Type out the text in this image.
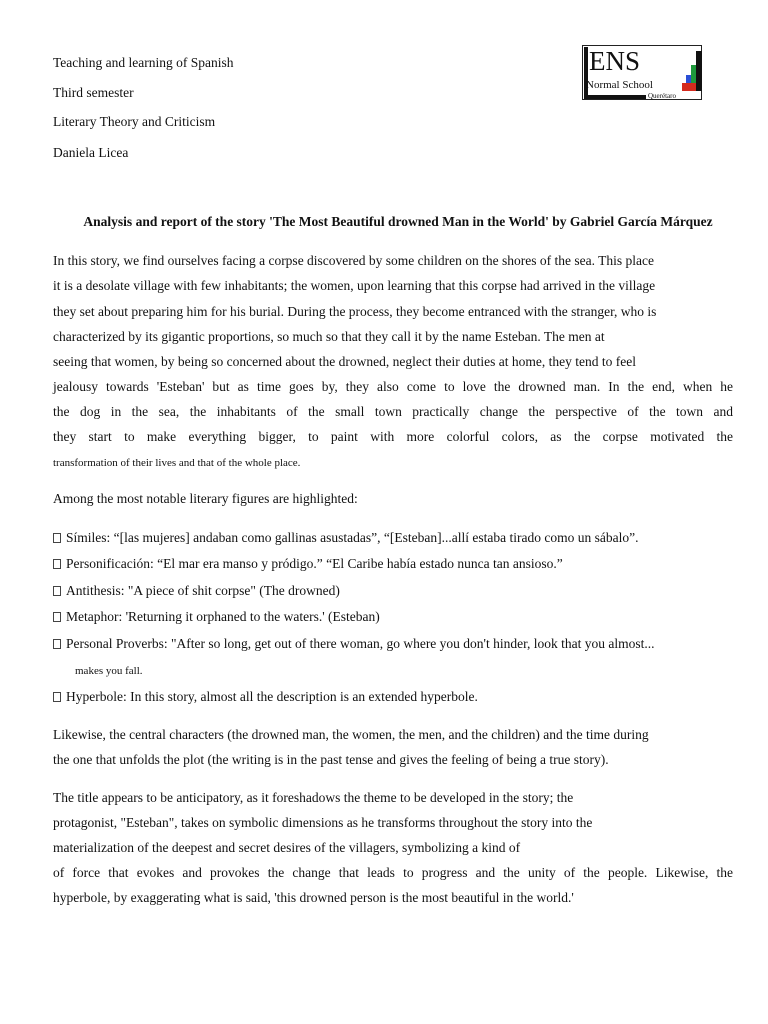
Teaching and learning of Spanish
Third semester
Literary Theory and Criticism
Daniela Licea
ENS
Normal School
Querétaro
Analysis and report of the story 'The Most Beautiful drowned Man in the World' by Gabriel García Márquez
In this story, we find ourselves facing a corpse discovered by some children on the shores of the sea. This place
it is a desolate village with few inhabitants; the women, upon learning that this corpse had arrived in the village
they set about preparing him for his burial. During the process, they become entranced with the stranger, who is
characterized by its gigantic proportions, so much so that they call it by the name Esteban. The men at
seeing that women, by being so concerned about the drowned, neglect their duties at home, they tend to feel
jealousy towards 'Esteban' but as time goes by, they also come to love the drowned man. In the end, when he
the dog in the sea, the inhabitants of the small town practically change the perspective of the town and
they start to make everything bigger, to paint with more colorful colors, as the corpse motivated the
transformation of their lives and that of the whole place.
Among the most notable literary figures are highlighted:
Símiles: “[las mujeres] andaban como gallinas asustadas”, “[Esteban]...allí estaba tirado como un sábalo”.
Personificación: “El mar era manso y pródigo.” “El Caribe había estado nunca tan ansioso.”
Antithesis: "A piece of shit corpse" (The drowned)
Metaphor: 'Returning it orphaned to the waters.' (Esteban)
Personal Proverbs: "After so long, get out of there woman, go where you don't hinder, look that you almost...
makes you fall.
Hyperbole: In this story, almost all the description is an extended hyperbole.
Likewise, the central characters (the drowned man, the women, the men, and the children) and the time during
the one that unfolds the plot (the writing is in the past tense and gives the feeling of being a true story).
The title appears to be anticipatory, as it foreshadows the theme to be developed in the story; the
protagonist, "Esteban", takes on symbolic dimensions as he transforms throughout the story into the
materialization of the deepest and secret desires of the villagers, symbolizing a kind of
of force that evokes and provokes the change that leads to progress and the unity of the people. Likewise, the
hyperbole, by exaggerating what is said, 'this drowned person is the most beautiful in the world.'
